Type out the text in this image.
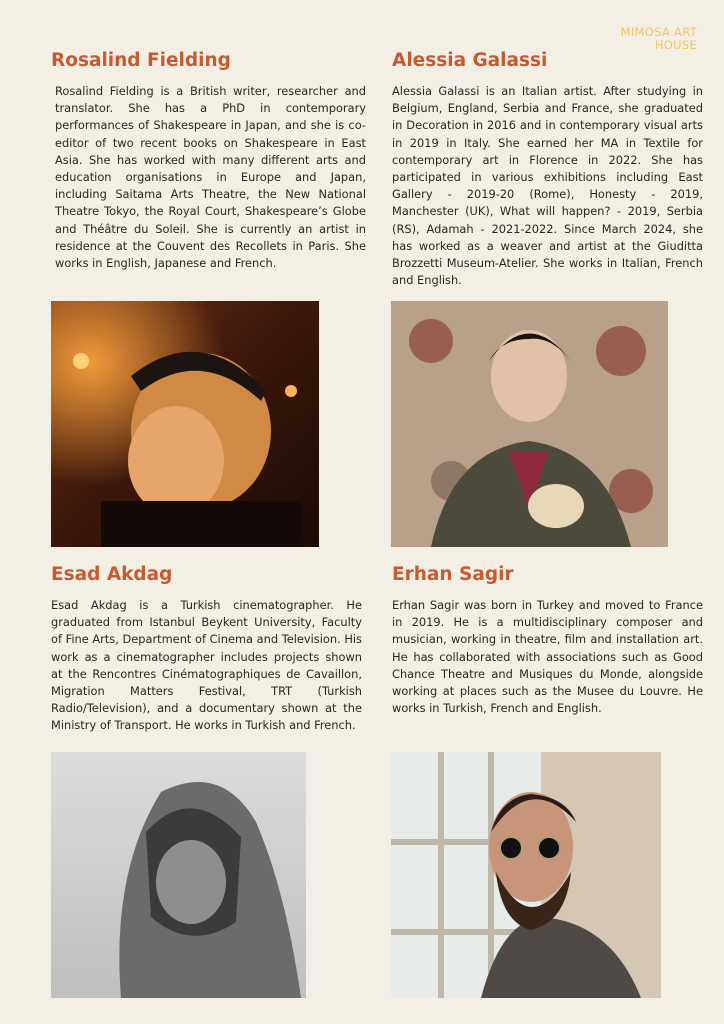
MIMOSA ART
HOUSE
Rosalind Fielding

Rosalind Fielding is a British writer, researcher and translator. She has a PhD in contemporary performances of Shakespeare in Japan, and she is co-editor of two recent books on Shakespeare in East Asia. She has worked with many different arts and education organisations in Europe and Japan, including Saitama Arts Theatre, the New National Theatre Tokyo, the Royal Court, Shakespeare’s Globe and Théâtre du Soleil. She is currently an artist in residence at the Couvent des Recollets in Paris. She works in English, Japanese and French.

Alessia Galassi

Alessia Galassi is an Italian artist. After studying in Belgium, England, Serbia and France, she graduated in Decoration in 2016 and in contemporary visual arts in 2019 in Italy. She earned her MA in Textile for contemporary art in Florence in 2022. She has participated in various exhibitions including East Gallery - 2019-20 (Rome), Honesty - 2019, Manchester (UK), What will happen? - 2019, Serbia (RS), Adamah - 2021-2022. Since March 2024, she has worked as a weaver and artist at the Giuditta Brozzetti Museum-Atelier. She works in Italian, French and English.

Esad Akdag

Esad Akdag is a Turkish cinematographer. He graduated from Istanbul Beykent University, Faculty of Fine Arts, Department of Cinema and Television. His work as a cinematographer includes projects shown at the Rencontres Cinématographiques de Cavaillon, Migration Matters Festival, TRT (Turkish Radio/Television), and a documentary shown at the Ministry of Transport. He works in Turkish and French.

Erhan Sagir

Erhan Sagir was born in Turkey and moved to France in 2019. He is a multidisciplinary composer and musician, working in theatre, film and installation art. He has collaborated with associations such as Good Chance Theatre and Musiques du Monde, alongside working at places such as the Musee du Louvre. He works in Turkish, French and English.
